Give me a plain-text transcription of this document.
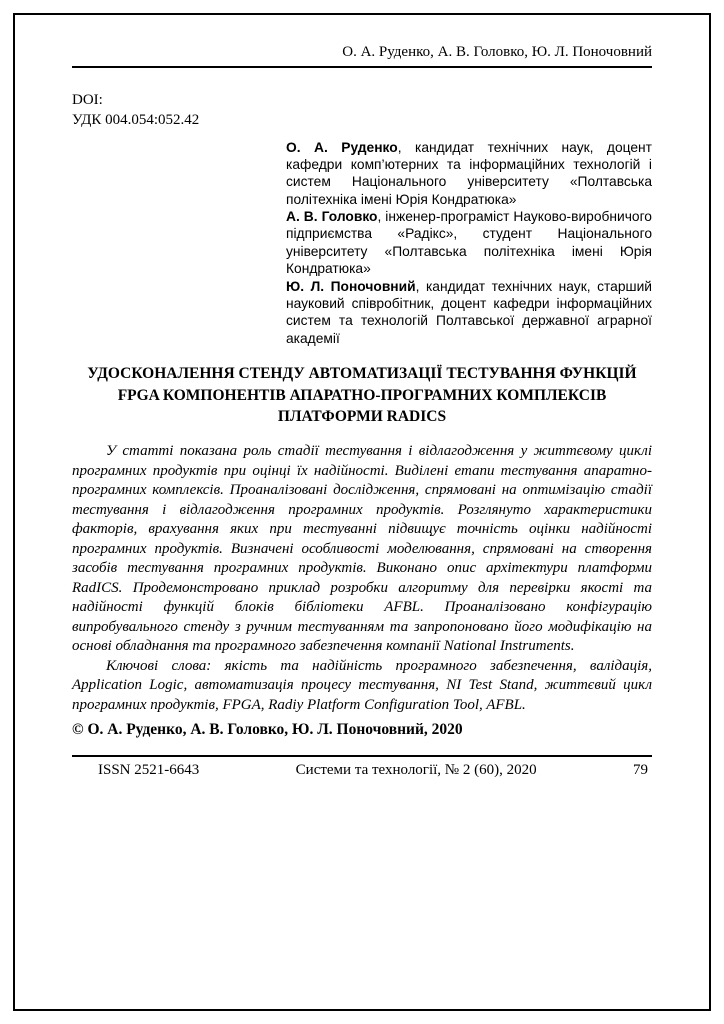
О. А. Руденко, А. В. Головко, Ю. Л. Поночовний

DOI:

УДК 004.054:052.42

О. А. Руденко, кандидат технічних наук, доцент кафедри комп’ютерних та інформаційних технологій і систем Національного університету «Полтавська політехніка імені Юрія Кондратюка»

А. В. Головко, інженер-програміст Науково-виробничого підприємства «Радікс», студент Національного університету «Полтавська політехніка імені Юрія Кондратюка»

Ю. Л. Поночовний, кандидат технічних наук, старший науковий співробітник, доцент кафедри інформаційних систем та технологій Полтавської державної аграрної академії

УДОСКОНАЛЕННЯ СТЕНДУ АВТОМАТИЗАЦІЇ ТЕСТУВАННЯ ФУНКЦІЙ FPGA КОМПОНЕНТІВ АПАРАТНО-ПРОГРАМНИХ КОМПЛЕКСІВ ПЛАТФОРМИ RADICS

У статті показана роль стадії тестування і відлагодження у життєвому циклі програмних продуктів при оцінці їх надійності. Виділені етапи тестування апаратно-програмних комплексів. Проаналізовані дослідження, спрямовані на оптимізацію стадії тестування і відлагодження програмних продуктів. Розглянуто характеристики факторів, врахування яких при тестуванні підвищує точність оцінки надійності програмних продуктів. Визначені особливості моделювання, спрямовані на створення засобів тестування програмних продуктів. Виконано опис архітектури платформи RadICS. Продемонстровано приклад розробки алгоритму для перевірки якості та надійності функцій блоків бібліотеки AFBL. Проаналізовано конфігурацію випробувального стенду з ручним тестуванням та запропоновано його модифікацію на основі обладнання та програмного забезпечення компанії National Instruments.

Ключові слова: якість та надійність програмного забезпечення, валідація, Application Logic, автоматизація процесу тестування, NI Test Stand, життєвий цикл програмних продуктів, FPGA, Radiy Platform Configuration Tool, AFBL.

© О. А. Руденко, А. В. Головко, Ю. Л. Поночовний, 2020

ISSN 2521-6643	Системи та технології, № 2 (60), 2020	79
